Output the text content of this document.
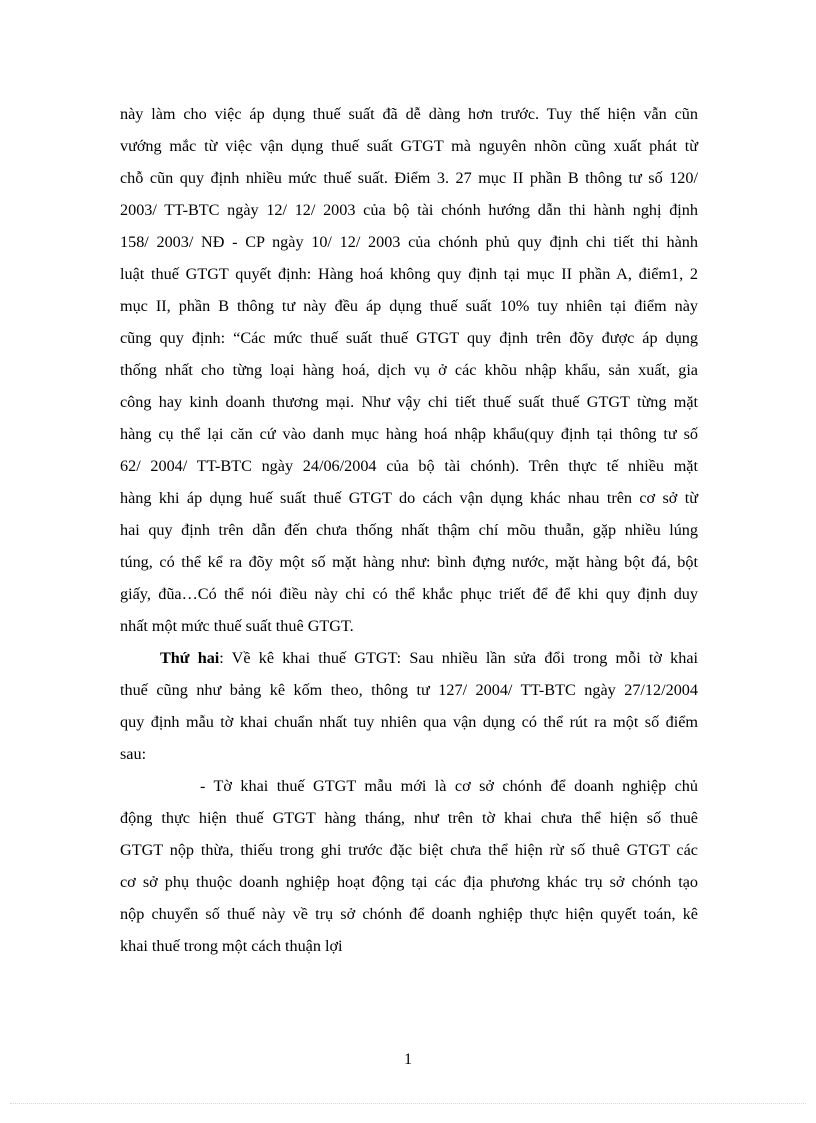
này làm cho việc áp dụng thuế suất đã dễ dàng hơn trước. Tuy thế hiện vẫn cũn
vướng mắc từ việc vận dụng thuế suất GTGT mà nguyên nhõn cũng xuất phát từ
chỗ cũn quy định nhiều mức thuế suất. Điểm 3. 27 mục II phần B thông tư số 120/
2003/ TT-BTC ngày 12/ 12/ 2003 của bộ tài chónh hướng dẫn thi hành nghị định
158/ 2003/ NĐ - CP ngày 10/ 12/ 2003 của chónh phủ quy định chi tiết thi hành
luật thuế GTGT quyết định: Hàng hoá không quy định tại mục II phần A, điểm1, 2
mục II, phần B thông tư này đều áp dụng thuế suất 10% tuy nhiên tại điểm này
cũng quy định: “Các mức thuế suất thuế GTGT quy định trên đõy được áp dụng
thống nhất cho từng loại hàng hoá, dịch vụ ở các khõu nhập khẩu, sản xuất, gia
công hay kinh doanh thương mại. Như vậy chi tiết thuế suất thuế GTGT từng mặt
hàng cụ thể lại căn cứ vào danh mục hàng hoá nhập khẩu(quy định tại thông tư số
62/ 2004/ TT-BTC ngày 24/06/2004 của bộ tài chónh). Trên thực tế nhiều mặt
hàng khi áp dụng huế suất thuế GTGT do cách vận dụng khác nhau trên cơ sở từ
hai quy định trên dẫn đến chưa thống nhất thậm chí mõu thuẫn, gặp nhiều lúng
túng, có thể kể ra đõy một số mặt hàng như: bình đựng nước, mặt hàng bột đá, bột
giấy, đũa…Có thể nói điều này chỉ có thể khắc phục triết để để khi quy định duy
nhất một mức thuế suất thuê GTGT.
Thứ hai: Về kê khai thuế GTGT: Sau nhiều lần sửa đổi trong mỗi tờ khai
thuế cũng như bảng kê kốm theo, thông tư 127/ 2004/ TT-BTC ngày 27/12/2004
quy định mẫu tờ khai chuẩn nhất tuy nhiên qua vận dụng có thể rút ra một số điểm
sau:
- Tờ khai thuế GTGT mẫu mới là cơ sở chónh để doanh nghiệp chủ
động thực hiện thuế GTGT hàng tháng, như trên tờ khai chưa thể hiện số thuê
GTGT nộp thừa, thiếu trong ghi trước đặc biệt chưa thể hiện rừ số thuê GTGT các
cơ sở phụ thuộc doanh nghiệp hoạt động tại các địa phương khác trụ sở chónh tạo
nộp chuyển số thuế này về trụ sở chónh để doanh nghiệp thực hiện quyết toán, kê
khai thuế trong một cách thuận lợi
1
